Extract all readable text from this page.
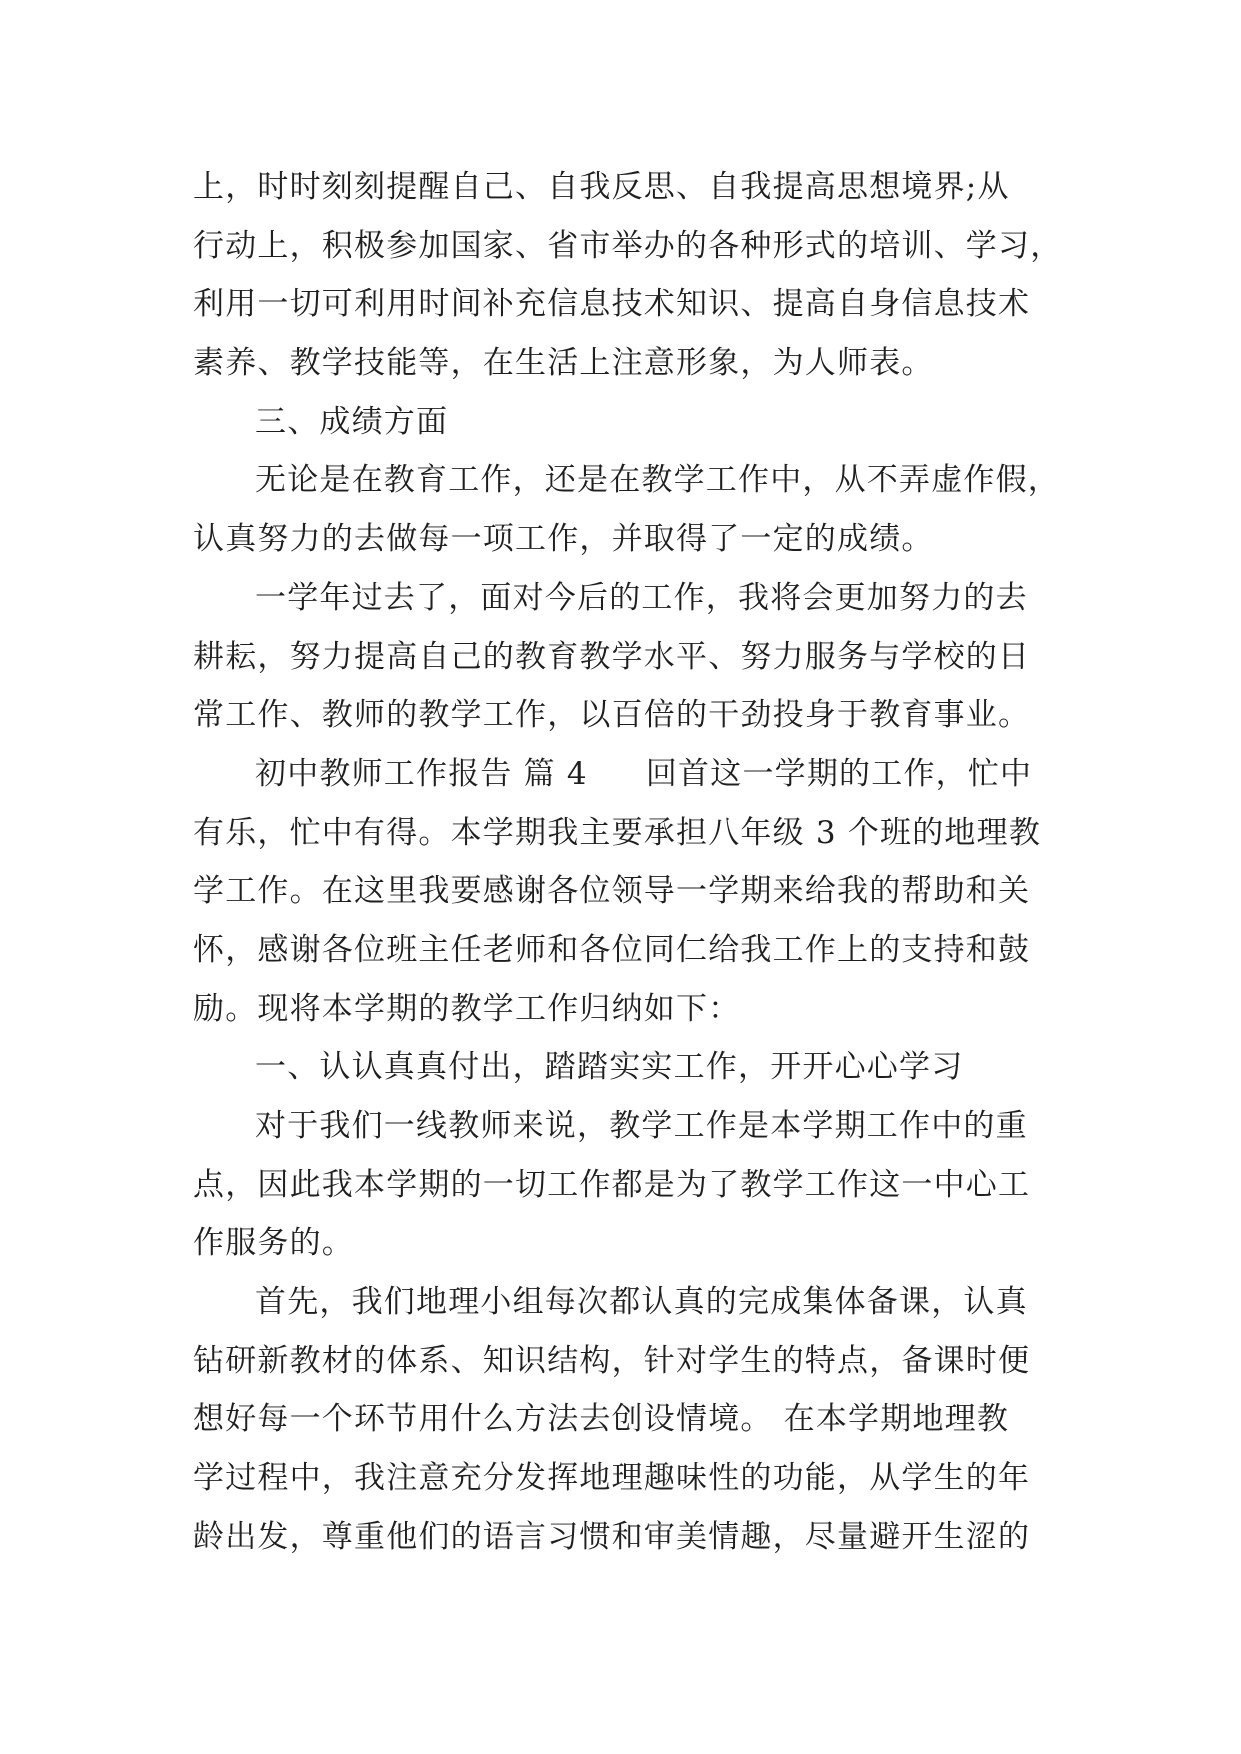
上，时时刻刻提醒自己、自我反思、自我提高思想境界;从

行动上，积极参加国家、省市举办的各种形式的培训、学习，

利用一切可利用时间补充信息技术知识、提高自身信息技术

素养、教学技能等，在生活上注意形象，为人师表。

三、成绩方面

无论是在教育工作，还是在教学工作中，从不弄虚作假，

认真努力的去做每一项工作，并取得了一定的成绩。

一学年过去了，面对今后的工作，我将会更加努力的去

耕耘，努力提高自己的教育教学水平、努力服务与学校的日

常工作、教师的教学工作，以百倍的干劲投身于教育事业。

初中教师工作报告 篇 4 回首这一学期的工作，忙中

有乐，忙中有得。本学期我主要承担八年级 3 个班的地理教

学工作。在这里我要感谢各位领导一学期来给我的帮助和关

怀，感谢各位班主任老师和各位同仁给我工作上的支持和鼓

励。现将本学期的教学工作归纳如下：

一、认认真真付出，踏踏实实工作，开开心心学习

对于我们一线教师来说，教学工作是本学期工作中的重

点，因此我本学期的一切工作都是为了教学工作这一中心工

作服务的。

首先，我们地理小组每次都认真的完成集体备课，认真

钻研新教材的体系、知识结构，针对学生的特点，备课时便

想好每一个环节用什么方法去创设情境。 在本学期地理教

学过程中，我注意充分发挥地理趣味性的功能，从学生的年

龄出发，尊重他们的语言习惯和审美情趣，尽量避开生涩的
